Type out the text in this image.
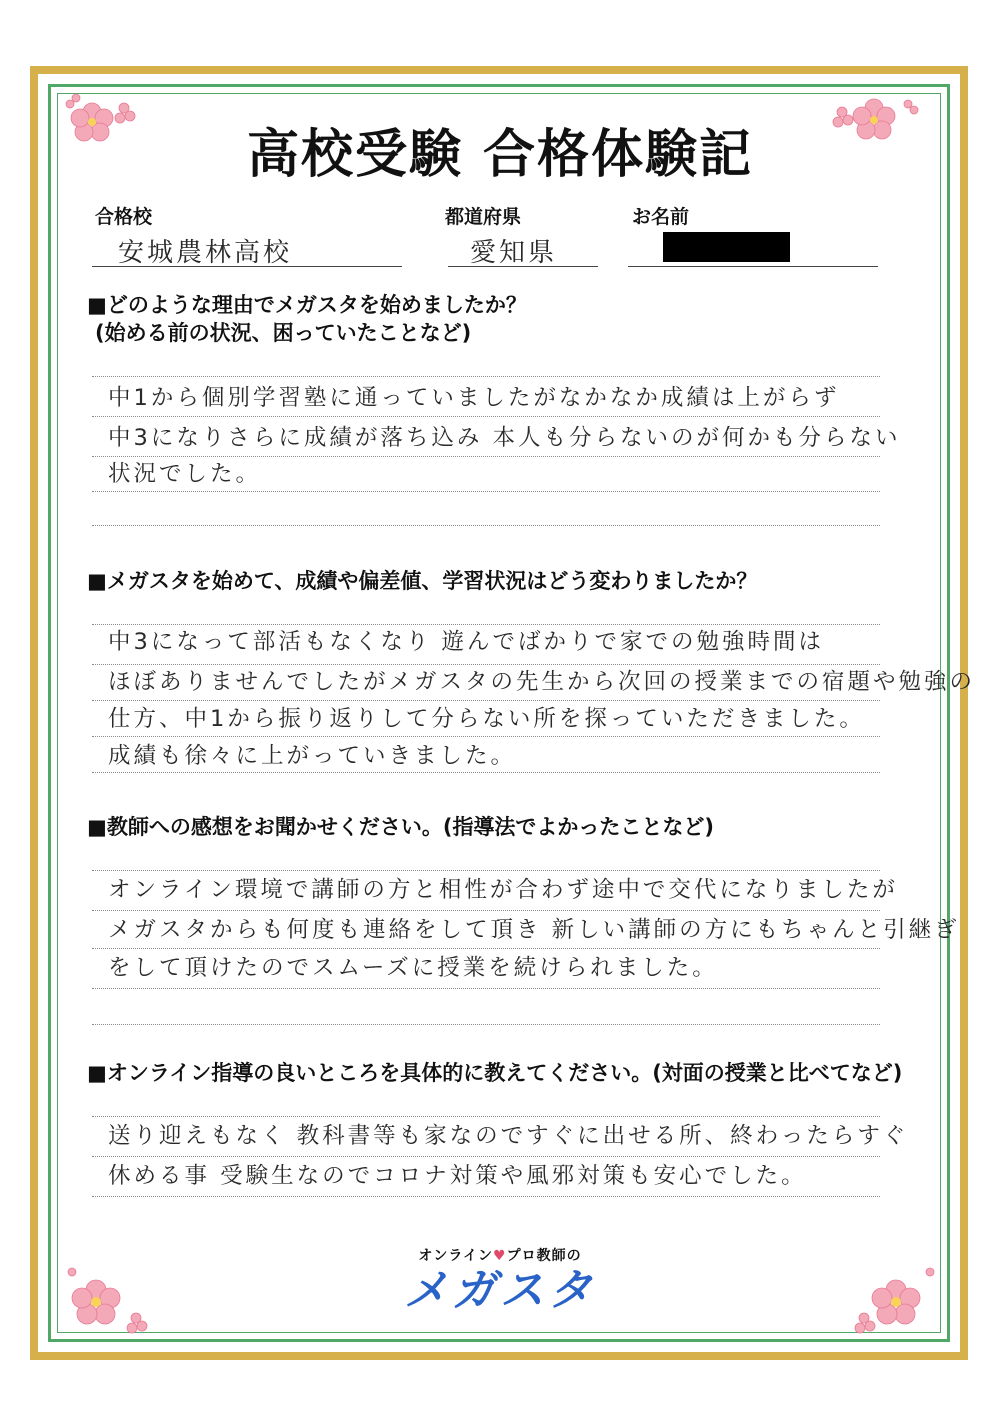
高校受験 合格体験記
合格校
安城農林高校
都道府県
愛知県
お名前
■どのような理由でメガスタを始めましたか？
(始める前の状況、困っていたことなど)
中1から個別学習塾に通っていましたがなかなか成績は上がらず
中3になりさらに成績が落ち込み 本人も分らないのが何かも分らない
状況でした。
■メガスタを始めて、成績や偏差値、学習状況はどう変わりましたか？
中3になって部活もなくなり 遊んでばかりで家での勉強時間は
ほぼありませんでしたがメガスタの先生から次回の授業までの宿題や勉強の
仕方、中1から振り返りして分らない所を探っていただきました。
成績も徐々に上がっていきました。
■教師への感想をお聞かせください。(指導法でよかったことなど)
オンライン環境で講師の方と相性が合わず途中で交代になりましたが
メガスタからも何度も連絡をして頂き 新しい講師の方にもちゃんと引継ぎ
をして頂けたのでスムーズに授業を続けられました。
■オンライン指導の良いところを具体的に教えてください。(対面の授業と比べてなど)
送り迎えもなく 教科書等も家なのですぐに出せる所、終わったらすぐ
休める事 受験生なのでコロナ対策や風邪対策も安心でした。
オンライン♥プロ教師の
メガスタ
